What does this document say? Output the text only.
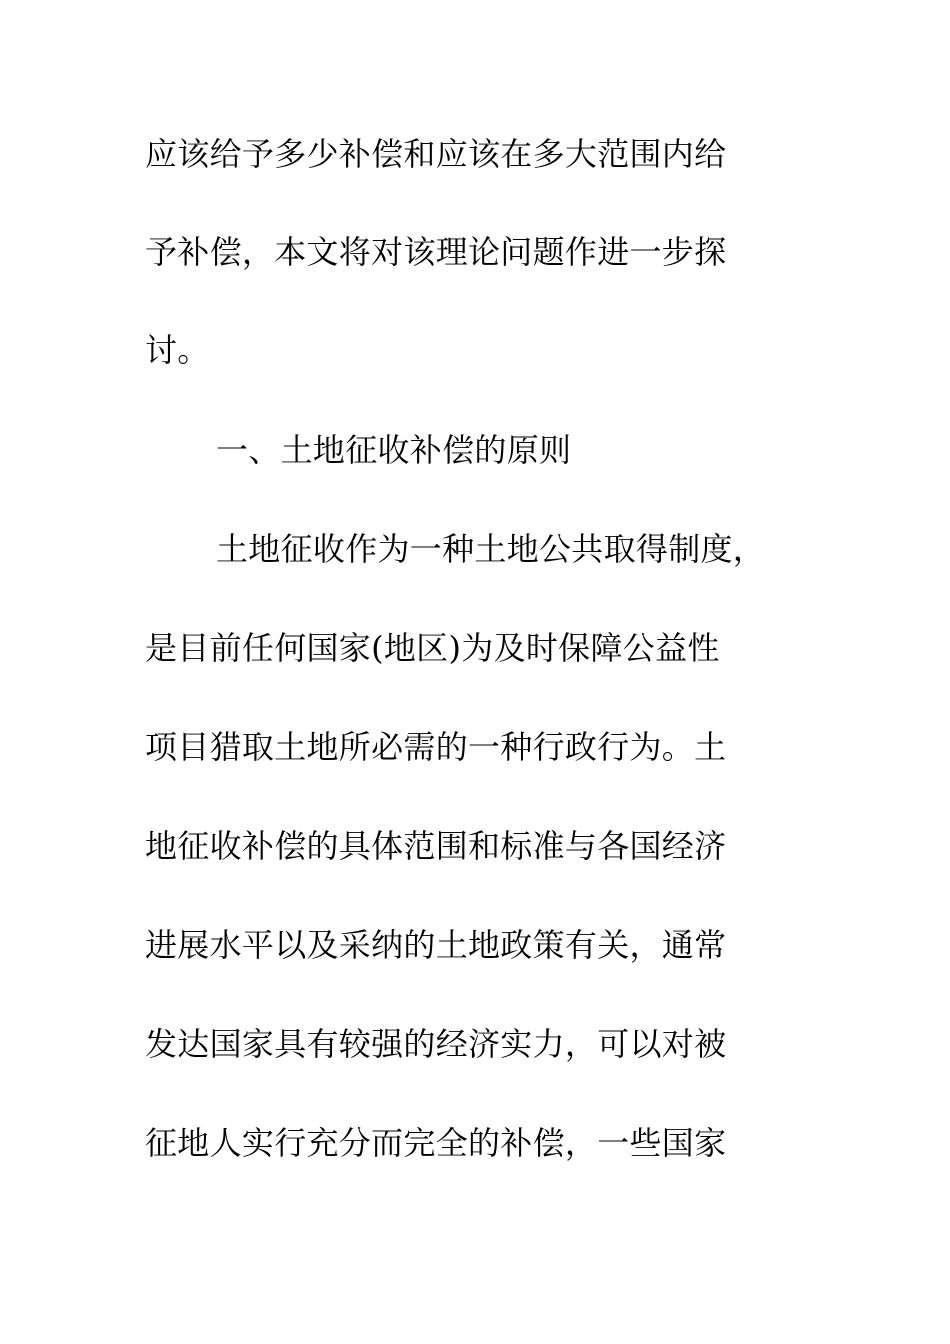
应该给予多少补偿和应该在多大范围内给
予补偿，本文将对该理论问题作进一步探
讨。
一、土地征收补偿的原则
土地征收作为一种土地公共取得制度，
是目前任何国家(地区)为及时保障公益性
项目猎取土地所必需的一种行政行为。土
地征收补偿的具体范围和标准与各国经济
进展水平以及采纳的土地政策有关，通常
发达国家具有较强的经济实力，可以对被
征地人实行充分而完全的补偿，一些国家
